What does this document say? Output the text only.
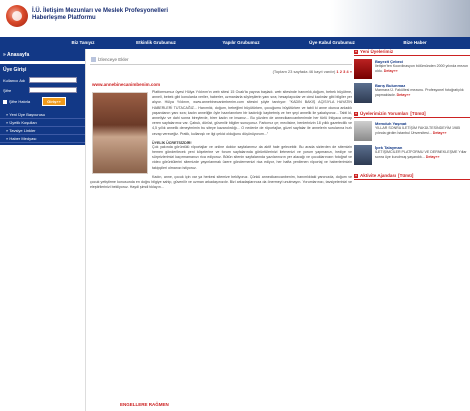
İ.Ü. İletişim Mezunları ve Meslek Profesyonelleri
Haberleşme Platformu
Biz Tanıyız	Etkinlik Grubumuz	Yapılır Grubumuz	Üye Kabul Grubumuz	Bize Haber
» Anasayfa
Üye Girişi
Kullanıcı Adı
Şifre
Şifre Hatırla	Giriş»»
» Yeni Üye Başvurusu
» Üyelik Koşulları
» Tavsiye Linkler
» Haber Medyası
İzlenceye Ekler
(Toplam 23 sayfada 46 kayıt vardır) 1 2 3 4 »
www.annebinecanimbenim.com

Platformumuz üyesi Hülya Yıldırım'ın web sitesi 15 Ocak'ta yayına başladı. web sitesinde hanımlık,doğum, bebek büyütme, anneli, bebek gibi konularda veriler, haberler, uzmanlarla söyleşilerin yanı sıra; hesaplayıcılar ve cinsi kadınlar gibi bilgiler yer alıyor. Hülya Yıldırım, www.annebinecanimbenim.com sitesini şöyle tanıtıyor: "KADIN BAKIŞ AÇISIYLA HAYATIN HABERLERİ TUTACAĞIZ... Hanımlık, doğum, bebeğimi büyütürken, çocuğumu büyütürken ve tabii ki anne olunca anladık yaşanılanın yanı sıra; kadın anneliğin öyle hazırlanırken bir kadınlığı kaybetmiş ve her şeyi annelik ile yakalıyoruz... Tabii ki, anneliyiz ve dahi sonra bireylerde, birer kadın ve insanız... Bu yüzden de annecikanıcanbenimde her türlü ihtiyaca cevap veren sayfalarımız var. Çabuk, dürüst, güvenilir bilgiler sunuyoruz. Farkımız çe; meclisine, benlerinizin 18 yıllık gazetecilik ve 4,5 yıllık annelik deneyimimin bu siteye kazandırdığı... O nedenle de röportajlar, güzel sayfalar ile annelerin sorularına hızlı cevap vereceğiz. Pratik, kullanışlı ve ilgi çekici olduğunu düşünüyorum..."

ÜYELİK ÜCRETSİZDİR!

Çok yakında görüntülü röportajlar ve online doktor sayfalarımız da aktif hale gelecektir. Bu arada sizlerden de sitemizin hemen gönderilecek yeni köşelerine ve forum sayfalarında görüntülerinizi iletmenizi ve yorum yapmanızı, hediye ve sürprizlerimizi kaçırmamanızı rica ediyoruz. Bütün sitenin sayfalarında yazılarınızın yer alacağı ve çocuklarınızın fotoğraf ve video görüntülerini sitemizde yayınlanmak üzere göndermenizi rica ediyor, her hafta yenilenen röportaj ve haberlerimizin takipçileri olmanızı istiyoruz.

Kadın, anne, çocuk için var ya herkesi sitemize bekliyoruz. Çünkü annecikanıcanbenim, hanımlıktaki yanınızda, doğum ve çocuk yetiştirme konusunda en doğru bilgiye sahip, güvenilir ve uzman arkadaşınızdır. Bizi arkadaşlarınıza da önermeyi unutmayın. Yorumlarınızı, tavsiyelerinizi ve eleştirilerinizi bekliyoruz. Haydi şimdi tıklayın...

ENGELLERE RAĞMEN
+ Yeni Üyelerimiz
Bayezit Çebeci
İletişim'ten Koordinasyon bölümünden 2000 yılında mezun oldu. Detay»»
Barış Bulunmaz
Marmara Ü. Fakültesi mezunu. Profesyonel fotoğrafçılık yapmaktadır. Detay»»
+ Üyelerimizin Yorumları [Tümü]
Memduh Yaşmat
YILLAR SONRA İLETİŞİM FAKÜLTESİNDEYİM 1985 yılında girdim İstanbul Ünversitesi... Detay»»
İpek Talayman
İLETİŞİMCİLER PLATFORMU VE DERNEKLEŞME Yıllar sonra üye kurulmuş yaşandık... Detay»»
+ Aktivite Ajandası [Tümü]
